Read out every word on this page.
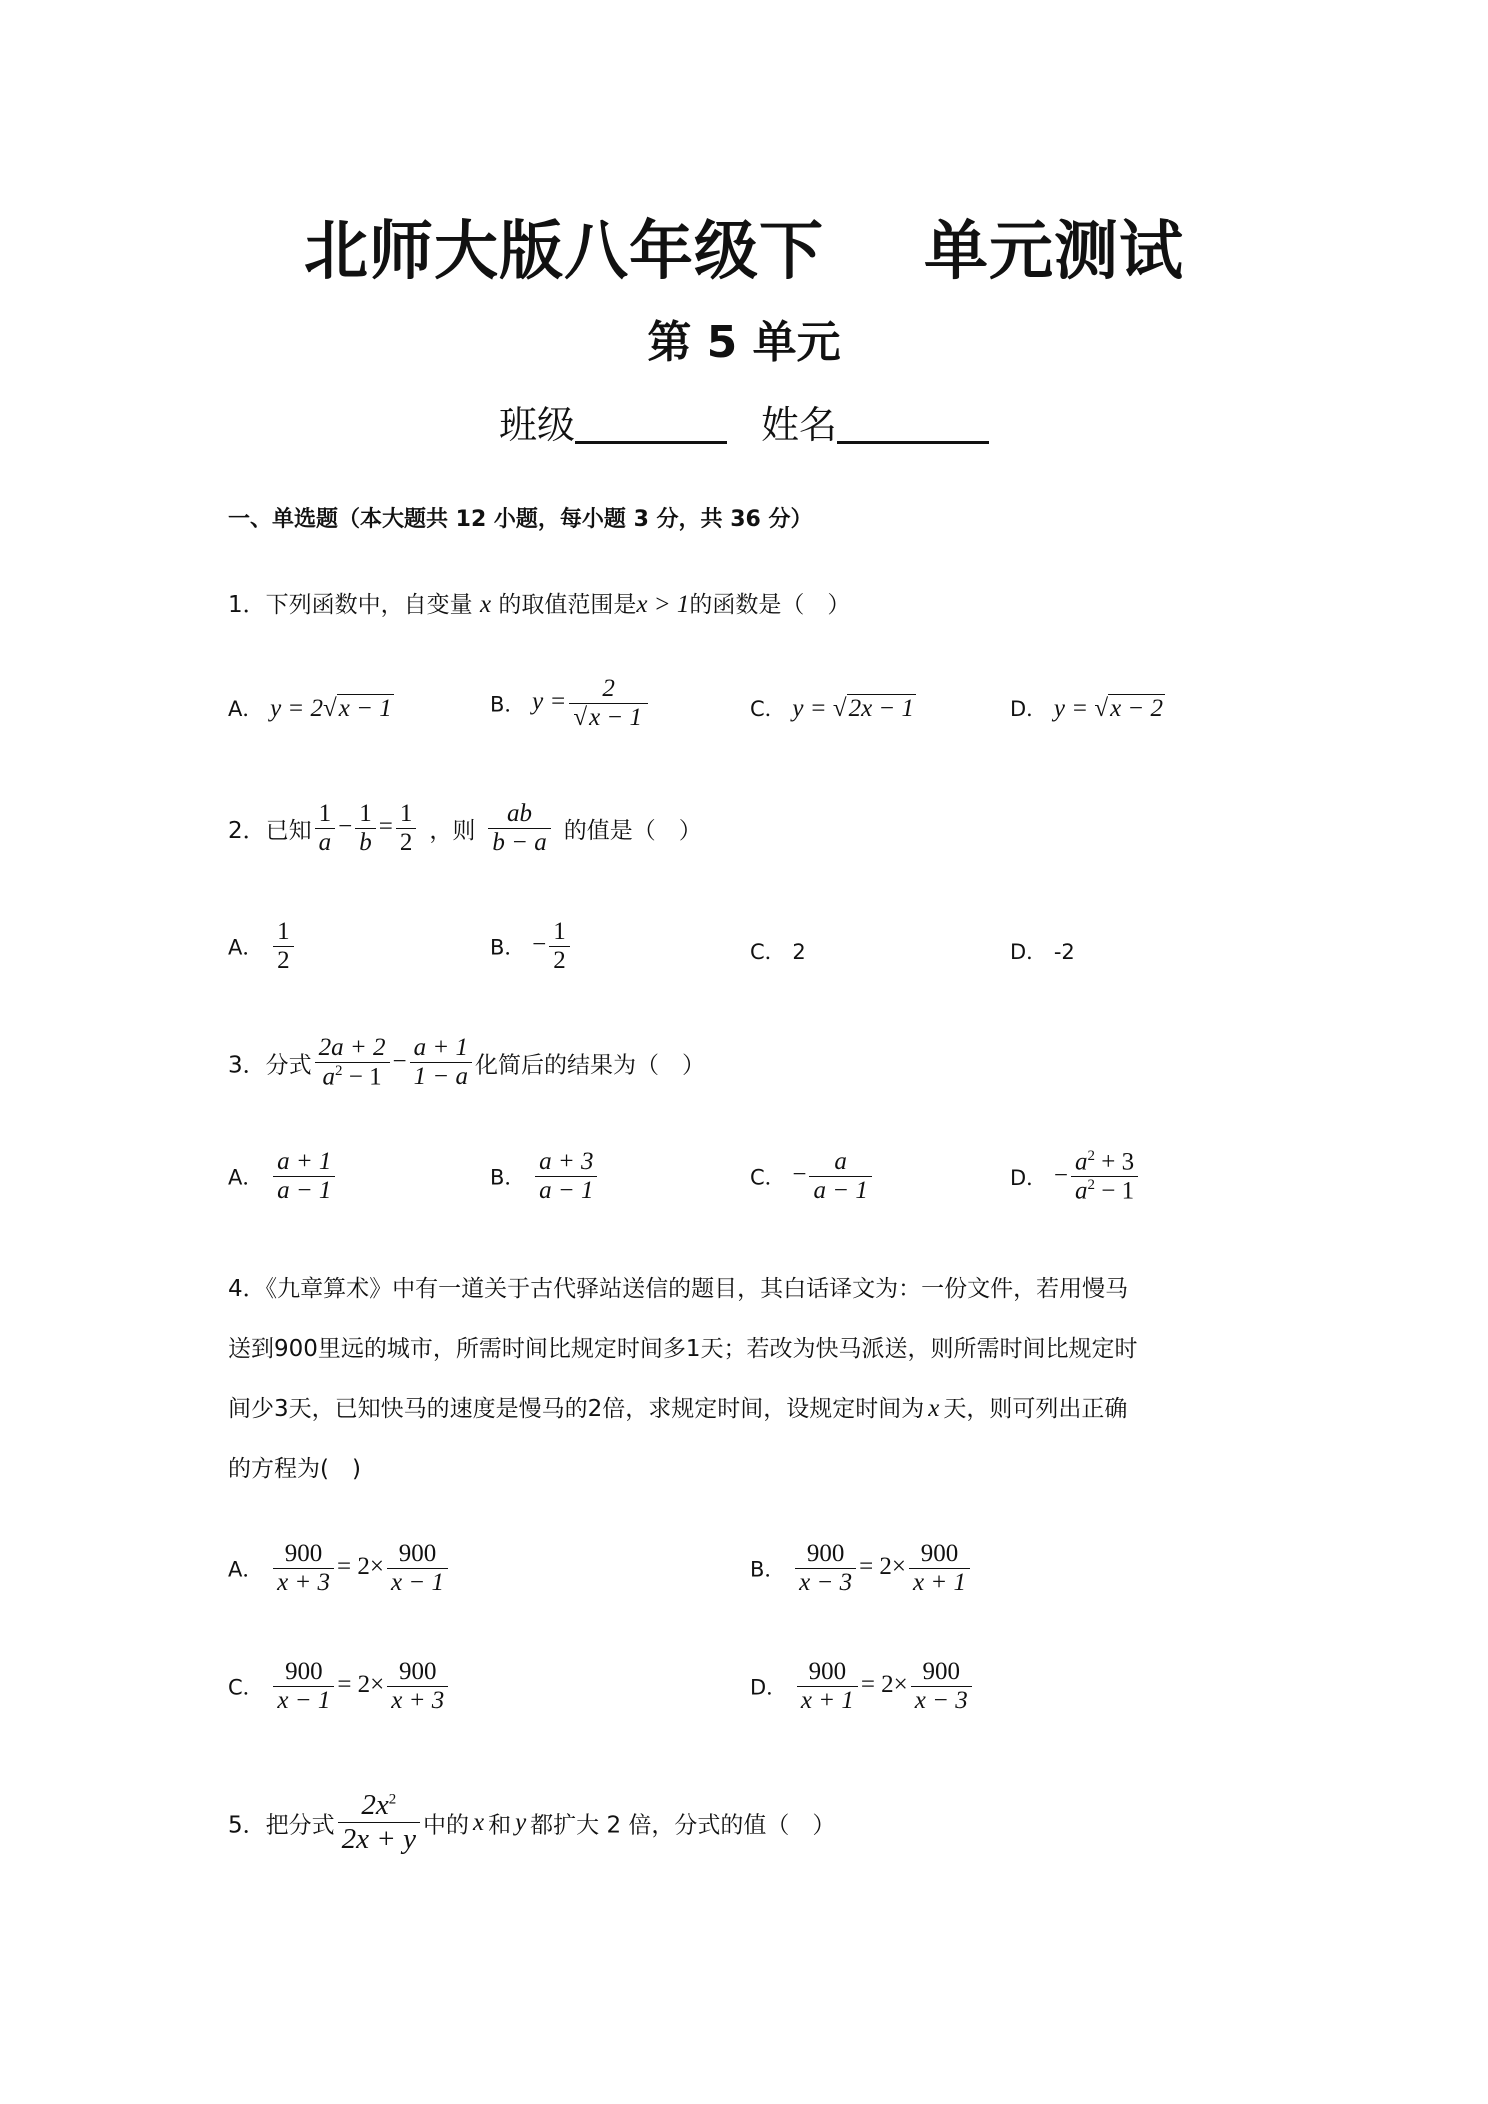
北师大版八年级下 单元测试
第 5 单元
班级	姓名
一、单选题（本大题共 12 小题，每小题 3 分，共 36 分）
1．下列函数中，自变量 x 的取值范围是x > 1的函数是（　）
A． y = 2√x − 1	B． $y = \frac{2}{√x - 1}$	C． y = √2x − 1	D． y = √x − 2
2．已知 $\frac{1}{a} - \frac{1}{b} = \frac{1}{2}$ ，则 $\frac{ab}{b - a}$ 的值是（　）
A． $\frac{1}{2}$	B． − $\frac{1}{2}$	C． 2	D． -2
3．分式 $\frac{2a + 2}{a^2 - 1} - \frac{a + 1}{1 - a}$ 化简后的结果为（　）
A． $\frac{a + 1}{a - 1}$	B． $\frac{a + 3}{a - 1}$	C． − $\frac{a}{a - 1}$	D． − $\frac{a^2 + 3}{a^2 - 1}$
4．《九章算术》中有一道关于古代驿站送信的题目，其白话译文为：一份文件，若用慢马
送到900里远的城市，所需时间比规定时间多1天；若改为快马派送，则所需时间比规定时
间少3天，已知快马的速度是慢马的2倍，求规定时间，设规定时间为 x 天，则可列出正确
的方程为(　)
A． $\frac{900}{x + 3} = 2\times \frac{900}{x - 1}$	B． $\frac{900}{x - 3} = 2\times \frac{900}{x + 1}$
C． $\frac{900}{x - 1} = 2\times \frac{900}{x + 3}$	D． $\frac{900}{x + 1} = 2\times \frac{900}{x - 3}$
5．把分式 $\frac{2x^2}{2x + y}$ 中的 x 和 y 都扩大 2 倍，分式的值（　）
